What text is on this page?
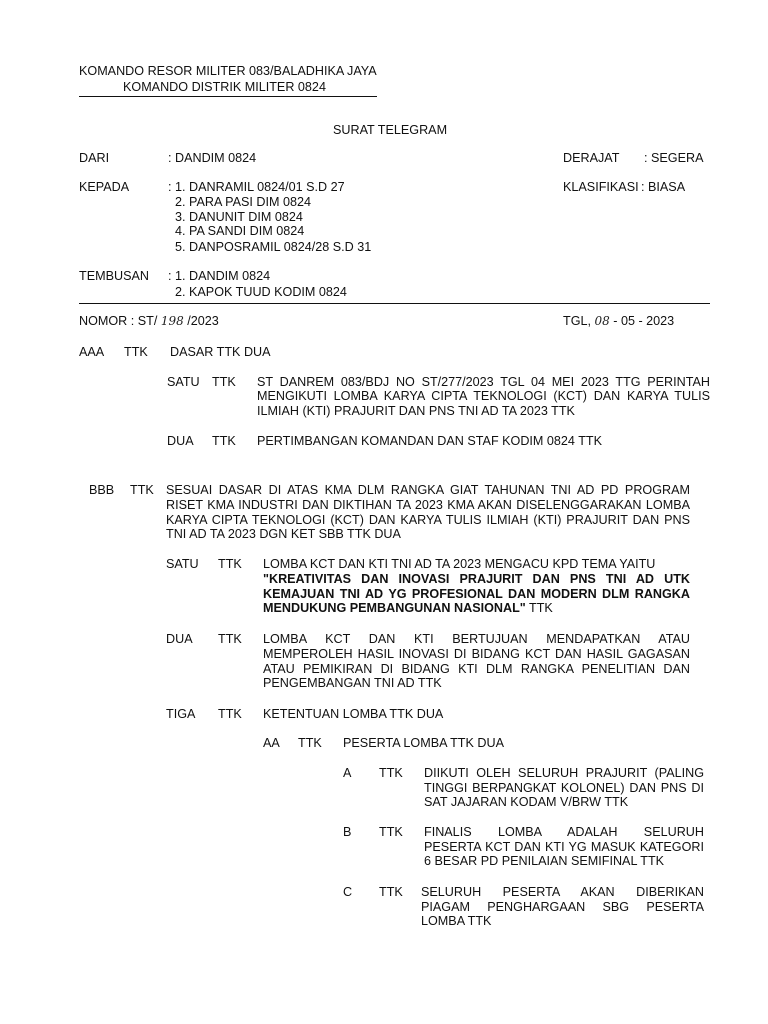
KOMANDO RESOR MILITER 083/BALADHIKA JAYA
KOMANDO DISTRIK MILITER 0824
SURAT TELEGRAM
DARI	: DANDIM 0824	DERAJAT : SEGERA
KEPADA	: 1. DANRAMIL 0824/01 S.D 27
2. PARA PASI DIM 0824
3. DANUNIT DIM 0824
4. PA SANDI DIM 0824
5. DANPOSRAMIL 0824/28 S.D 31
KLASIFIKASI : BIASA
TEMBUSAN : 1. DANDIM 0824
2. KAPOK TUUD KODIM 0824
NOMOR : ST/ 198 /2023	TGL, 08 - 05 - 2023
AAA TTK DASAR TTK DUA
SATU TTK ST DANREM 083/BDJ NO ST/277/2023 TGL 04 MEI 2023 TTG PERINTAH
MENGIKUTI LOMBA KARYA CIPTA TEKNOLOGI (KCT) DAN KARYA TULIS
ILMIAH (KTI) PRAJURIT DAN PNS TNI AD TA 2023 TTK
DUA TTK PERTIMBANGAN KOMANDAN DAN STAF KODIM 0824 TTK
BBB TTK SESUAI DASAR DI ATAS KMA DLM RANGKA GIAT TAHUNAN TNI AD PD PROGRAM
RISET KMA INDUSTRI DAN DIKTIHAN TA 2023 KMA AKAN DISELENGGARAKAN LOMBA
KARYA CIPTA TEKNOLOGI (KCT) DAN KARYA TULIS ILMIAH (KTI) PRAJURIT DAN PNS
TNI AD TA 2023 DGN KET SBB TTK DUA
SATU TTK LOMBA KCT DAN KTI TNI AD TA 2023 MENGACU KPD TEMA YAITU
"KREATIVITAS DAN INOVASI PRAJURIT DAN PNS TNI AD UTK
KEMAJUAN TNI AD YG PROFESIONAL DAN MODERN DLM RANGKA
MENDUKUNG PEMBANGUNAN NASIONAL" TTK
DUA TTK LOMBA KCT DAN KTI BERTUJUAN MENDAPATKAN ATAU
MEMPEROLEH HASIL INOVASI DI BIDANG KCT DAN HASIL GAGASAN
ATAU PEMIKIRAN DI BIDANG KTI DLM RANGKA PENELITIAN DAN
PENGEMBANGAN TNI AD TTK
TIGA TTK KETENTUAN LOMBA TTK DUA
AA TTK PESERTA LOMBA TTK DUA
A TTK DIIKUTI OLEH SELURUH PRAJURIT (PALING
TINGGI BERPANGKAT KOLONEL) DAN PNS DI
SAT JAJARAN KODAM V/BRW TTK
B TTK FINALIS LOMBA ADALAH SELURUH
PESERTA KCT DAN KTI YG MASUK KATEGORI
6 BESAR PD PENILAIAN SEMIFINAL TTK
C TTK SELURUH PESERTA AKAN DIBERIKAN
PIAGAM PENGHARGAAN SBG PESERTA
LOMBA TTK
